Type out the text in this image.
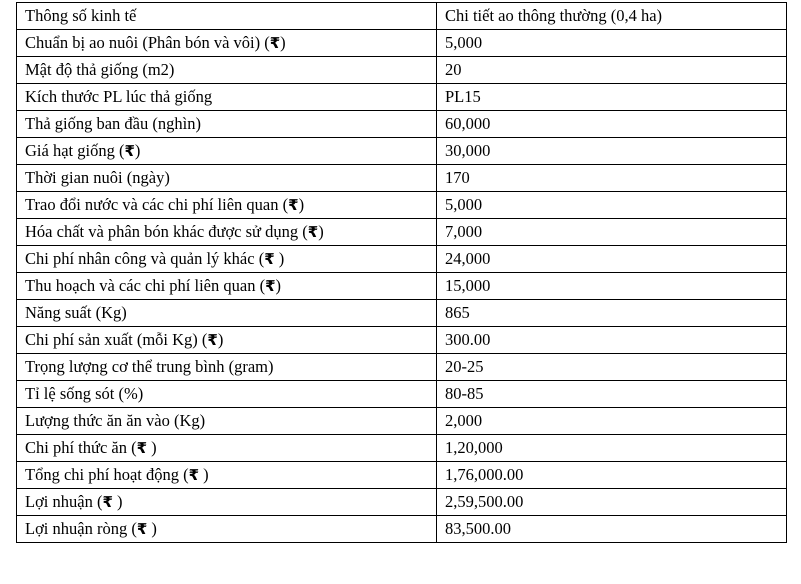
Thông số kinh tế	Chi tiết ao thông thường (0,4 ha)
Chuẩn bị ao nuôi (Phân bón và vôi) (₹)	5,000
Mật độ thả giống (m2)	20
Kích thước PL lúc thả giống	PL15
Thả giống ban đầu (nghìn)	60,000
Giá hạt giống (₹)	30,000
Thời gian nuôi (ngày)	170
Trao đổi nước và các chi phí liên quan (₹)	5,000
Hóa chất và phân bón khác được sử dụng (₹)	7,000
Chi phí nhân công và quản lý khác (₹ )	24,000
Thu hoạch và các chi phí liên quan (₹)	15,000
Năng suất (Kg)	865
Chi phí sản xuất (mỗi Kg) (₹)	300.00
Trọng lượng cơ thể trung bình (gram)	20-25
Tỉ lệ sống sót (%)	80-85
Lượng thức ăn ăn vào (Kg)	2,000
Chi phí thức ăn (₹ )	1,20,000
Tổng chi phí hoạt động (₹ )	1,76,000.00
Lợi nhuận (₹ )	2,59,500.00
Lợi nhuận ròng (₹ )	83,500.00
